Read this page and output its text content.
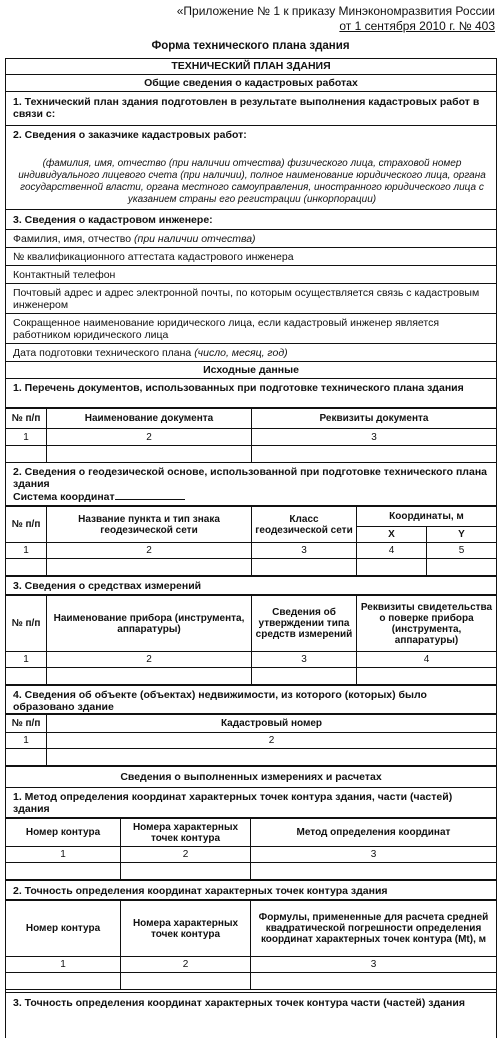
«Приложение № 1 к приказу Минэкономразвития России
от 1 сентября 2010 г. № 403
Форма технического плана здания
ТЕХНИЧЕСКИЙ ПЛАН ЗДАНИЯ
Общие сведения о кадастровых работах
1. Технический план здания подготовлен в результате выполнения кадастровых работ в связи с:
2. Сведения о заказчике кадастровых работ:
(фамилия, имя, отчество (при наличии отчества) физического лица, страховой номер индивидуального лицевого счета (при наличии), полное наименование юридического лица, органа государственной власти, органа местного самоуправления, иностранного юридического лица с указанием страны его регистрации (инкорпорации)
3. Сведения о кадастровом инженере:
Фамилия, имя, отчество (при наличии отчества)
№ квалификационного аттестата кадастрового инженера
Контактный телефон
Почтовый адрес и адрес электронной почты, по которым осуществляется связь с кадастровым инженером
Сокращенное наименование юридического лица, если кадастровый инженер является работником юридического лица
Дата подготовки технического плана (число, месяц, год)
Исходные данные
1. Перечень документов, использованных при подготовке технического плана здания
№ п/п	Наименование документа	Реквизиты документа
1	2	3

2. Сведения о геодезической основе, использованной при подготовке технического плана здания
Система координат
№ п/п	Название пункта и тип знака геодезической сети	Класс геодезической сети	Координаты, м	
			X	Y
1	2	3	4	5

3. Сведения о средствах измерений
№ п/п	Наименование прибора (инструмента, аппаратуры)	Сведения об утверждении типа средств измерений	Реквизиты свидетельства о поверке прибора (инструмента, аппаратуры)
1	2	3	4

4. Сведения об объекте (объектах) недвижимости, из которого (которых) было образовано здание
№ п/п	Кадастровый номер
1	2

Сведения о выполненных измерениях и расчетах
1. Метод определения координат характерных точек контура здания, части (частей) здания
Номер контура	Номера характерных точек контура	Метод определения координат
1	2	3

2. Точность определения координат характерных точек контура здания
Номер контура	Номера характерных точек контура	Формулы, примененные для расчета средней квадратической погрешности определения координат характерных точек контура (Mt), м
1	2	3

3. Точность определения координат характерных точек контура части (частей) здания
